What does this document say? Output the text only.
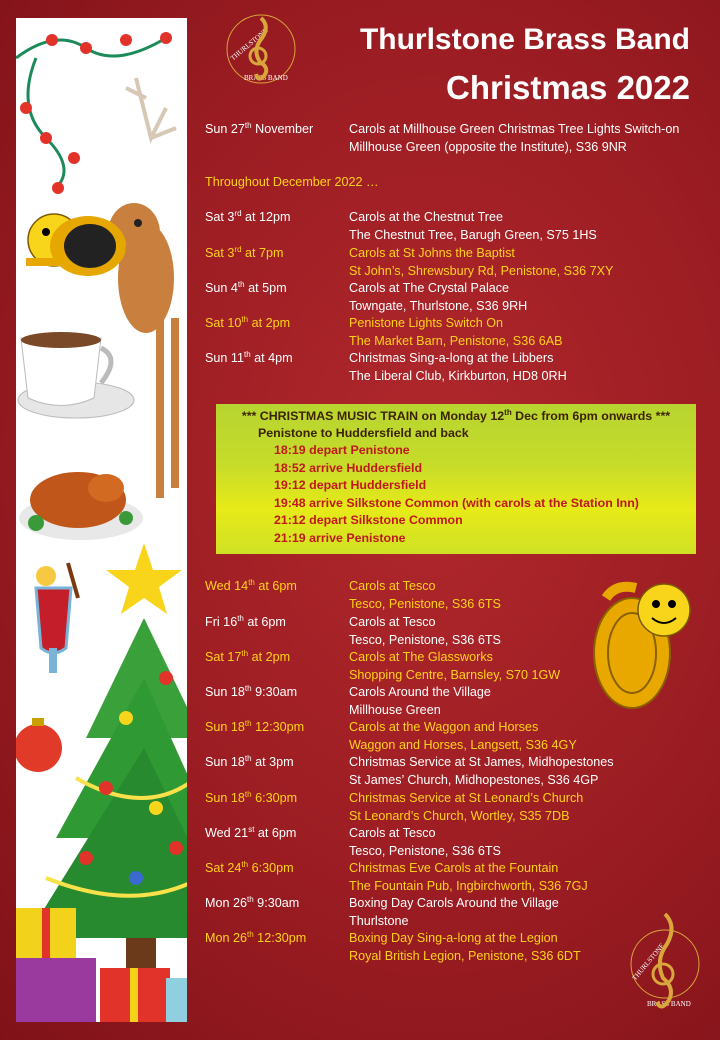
THURLSTONE
BRASS BAND
Thurlstone Brass Band
Christmas 2022
Sun 27th November	Carols at Millhouse Green Christmas Tree Lights Switch-on
Millhouse Green (opposite the Institute), S36 9NR
Throughout December 2022 …
Sat 3rd at 12pm	Carols at the Chestnut Tree
The Chestnut Tree, Barugh Green, S75 1HS
Sat 3rd at 7pm	Carols at St Johns the Baptist
St John’s, Shrewsbury Rd, Penistone, S36 7XY
Sun 4th at 5pm	Carols at The Crystal Palace
Towngate, Thurlstone, S36 9RH
Sat 10th at 2pm	Penistone Lights Switch On
The Market Barn, Penistone, S36 6AB
Sun 11th at 4pm	Christmas Sing-a-long at the Libbers
The Liberal Club, Kirkburton, HD8 0RH
*** CHRISTMAS MUSIC TRAIN on Monday 12th Dec from 6pm onwards ***
Penistone to Huddersfield and back
18:19 depart Penistone
18:52 arrive Huddersfield
19:12 depart Huddersfield
19:48 arrive Silkstone Common (with carols at the Station Inn)
21:12 depart Silkstone Common
21:19 arrive Penistone
Wed 14th at 6pm	Carols at Tesco
Tesco, Penistone, S36 6TS
Fri 16th at 6pm	Carols at Tesco
Tesco, Penistone, S36 6TS
Sat 17th at 2pm	Carols at The Glassworks
Shopping Centre, Barnsley, S70 1GW
Sun 18th 9:30am	Carols Around the Village
Millhouse Green
Sun 18th 12:30pm	Carols at the Waggon and Horses
Waggon and Horses, Langsett, S36 4GY
Sun 18th at 3pm	Christmas Service at St James, Midhopestones
St James’ Church, Midhopestones, S36 4GP
Sun 18th 6:30pm	Christmas Service at St Leonard’s Church
St Leonard’s Church, Wortley, S35 7DB
Wed 21st at 6pm	Carols at Tesco
Tesco, Penistone, S36 6TS
Sat 24th 6:30pm	Christmas Eve Carols at the Fountain
The Fountain Pub, Ingbirchworth, S36 7GJ
Mon 26th 9:30am	Boxing Day Carols Around the Village
Thurlstone
Mon 26th 12:30pm	Boxing Day Sing-a-long at the Legion
Royal British Legion, Penistone, S36 6DT	THURLSTONE
BRASS BAND
